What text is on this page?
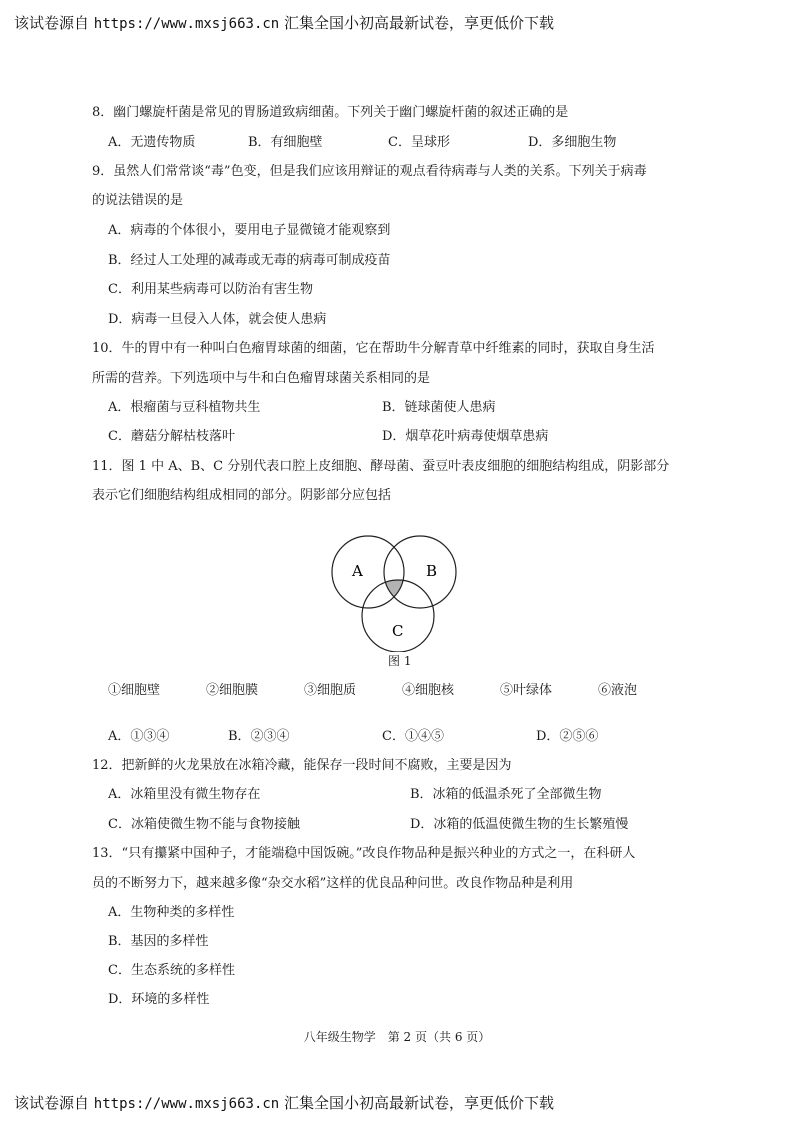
该试卷源自 https://www.mxsj663.cn 汇集全国小初高最新试卷，享更低价下载
8．幽门螺旋杆菌是常见的胃肠道致病细菌。下列关于幽门螺旋杆菌的叙述正确的是
A．无遗传物质	B．有细胞壁	C．呈球形	D．多细胞生物
9．虽然人们常常谈“毒”色变，但是我们应该用辩证的观点看待病毒与人类的关系。下列关于病毒
的说法错误的是
A．病毒的个体很小，要用电子显微镜才能观察到
B．经过人工处理的减毒或无毒的病毒可制成疫苗
C．利用某些病毒可以防治有害生物
D．病毒一旦侵入人体，就会使人患病
10．牛的胃中有一种叫白色瘤胃球菌的细菌，它在帮助牛分解青草中纤维素的同时，获取自身生活
所需的营养。下列选项中与牛和白色瘤胃球菌关系相同的是
A．根瘤菌与豆科植物共生	B．链球菌使人患病
C．蘑菇分解枯枝落叶	D．烟草花叶病毒使烟草患病
11．图 1 中 A、B、C 分别代表口腔上皮细胞、酵母菌、蚕豆叶表皮细胞的细胞结构组成，阴影部分
表示它们细胞结构组成相同的部分。阴影部分应包括
A	B
C
图 1
①细胞壁	②细胞膜	③细胞质	④细胞核	⑤叶绿体	⑥液泡
A．①③④	B．②③④	C．①④⑤	D．②⑤⑥
12．把新鲜的火龙果放在冰箱冷藏，能保存一段时间不腐败，主要是因为
A．冰箱里没有微生物存在	B．冰箱的低温杀死了全部微生物
C．冰箱使微生物不能与食物接触	D．冰箱的低温使微生物的生长繁殖慢
13．“只有攥紧中国种子，才能端稳中国饭碗。”改良作物品种是振兴种业的方式之一，在科研人
员的不断努力下，越来越多像“杂交水稻”这样的优良品种问世。改良作物品种是利用
A．生物种类的多样性
B．基因的多样性
C．生态系统的多样性
D．环境的多样性
八年级生物学　第 2 页（共 6 页）
该试卷源自 https://www.mxsj663.cn 汇集全国小初高最新试卷，享更低价下载
